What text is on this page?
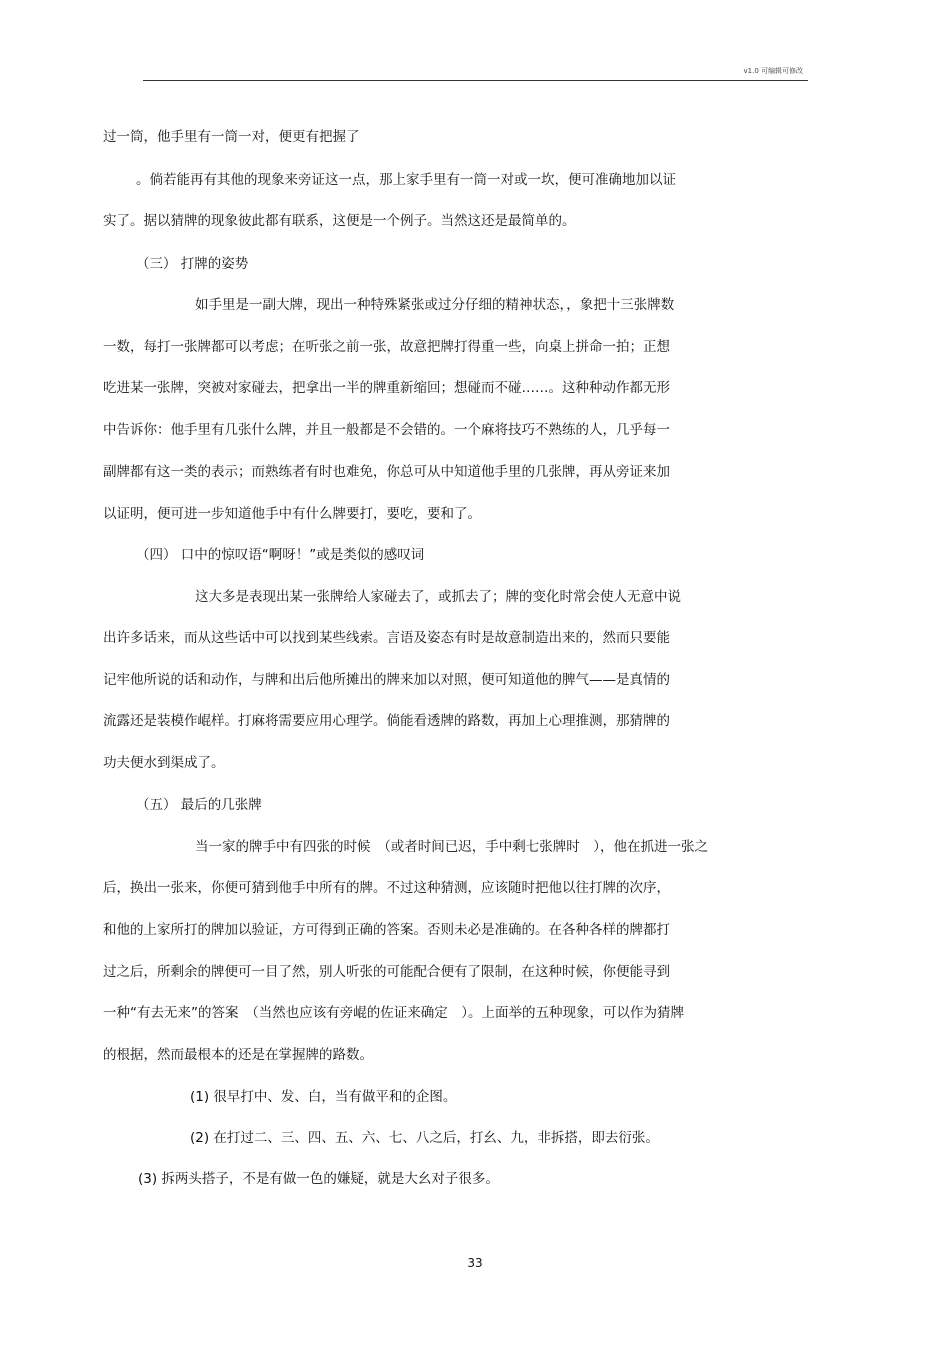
v1.0 可编辑可修改
过一筒，他手里有一筒一对，便更有把握了
。倘若能再有其他的现象来旁证这一点，那上家手里有一筒一对或一坎，便可准确地加以证
实了。据以猜牌的现象彼此都有联系，这便是一个例子。当然这还是最简单的。
（三） 打牌的姿势
如手里是一副大牌，现出一种特殊紧张或过分仔细的精神状态，，象把十三张牌数
一数，每打一张牌都可以考虑；在听张之前一张，故意把牌打得重一些，向桌上拼命一拍；正想
吃进某一张牌，突被对家碰去，把拿出一半的牌重新缩回；想碰而不碰……。这种种动作都无形
中告诉你：他手里有几张什么牌，并且一般都是不会错的。一个麻将技巧不熟练的人，几乎每一
副牌都有这一类的表示；而熟练者有时也难免，你总可从中知道他手里的几张牌，再从旁证来加
以证明，便可进一步知道他手中有什么牌要打，要吃，要和了。
（四） 口中的惊叹语“啊呀！”或是类似的感叹词
这大多是表现出某一张牌给人家碰去了，或抓去了；牌的变化时常会使人无意中说
出许多话来，而从这些话中可以找到某些线索。言语及姿态有时是故意制造出来的，然而只要能
记牢他所说的话和动作，与牌和出后他所摊出的牌来加以对照，便可知道他的脾气——是真情的
流露还是装模作崐样。打麻将需要应用心理学。倘能看透牌的路数，再加上心理推测，那猜牌的
功夫便水到渠成了。
（五） 最后的几张牌
当一家的牌手中有四张的时候　（或者时间已迟，手中剩七张牌时　），他在抓进一张之
后，换出一张来，你便可猜到他手中所有的牌。不过这种猜测，应该随时把他以往打牌的次序，
和他的上家所打的牌加以验证，方可得到正确的答案。否则未必是准确的。在各种各样的牌都打
过之后，所剩余的牌便可一目了然，别人听张的可能配合便有了限制，在这种时候，你便能寻到
一种“有去无来”的答案　（当然也应该有旁崐的佐证来确定　）。上面举的五种现象，可以作为猜牌
的根据，然而最根本的还是在掌握牌的路数。
(1) 很早打中、发、白，当有做平和的企图。
(2) 在打过二、三、四、五、六、七、八之后，打幺、九，非拆搭，即去衍张。
(3) 拆两头搭子，不是有做一色的嫌疑，就是大幺对子很多。
33
